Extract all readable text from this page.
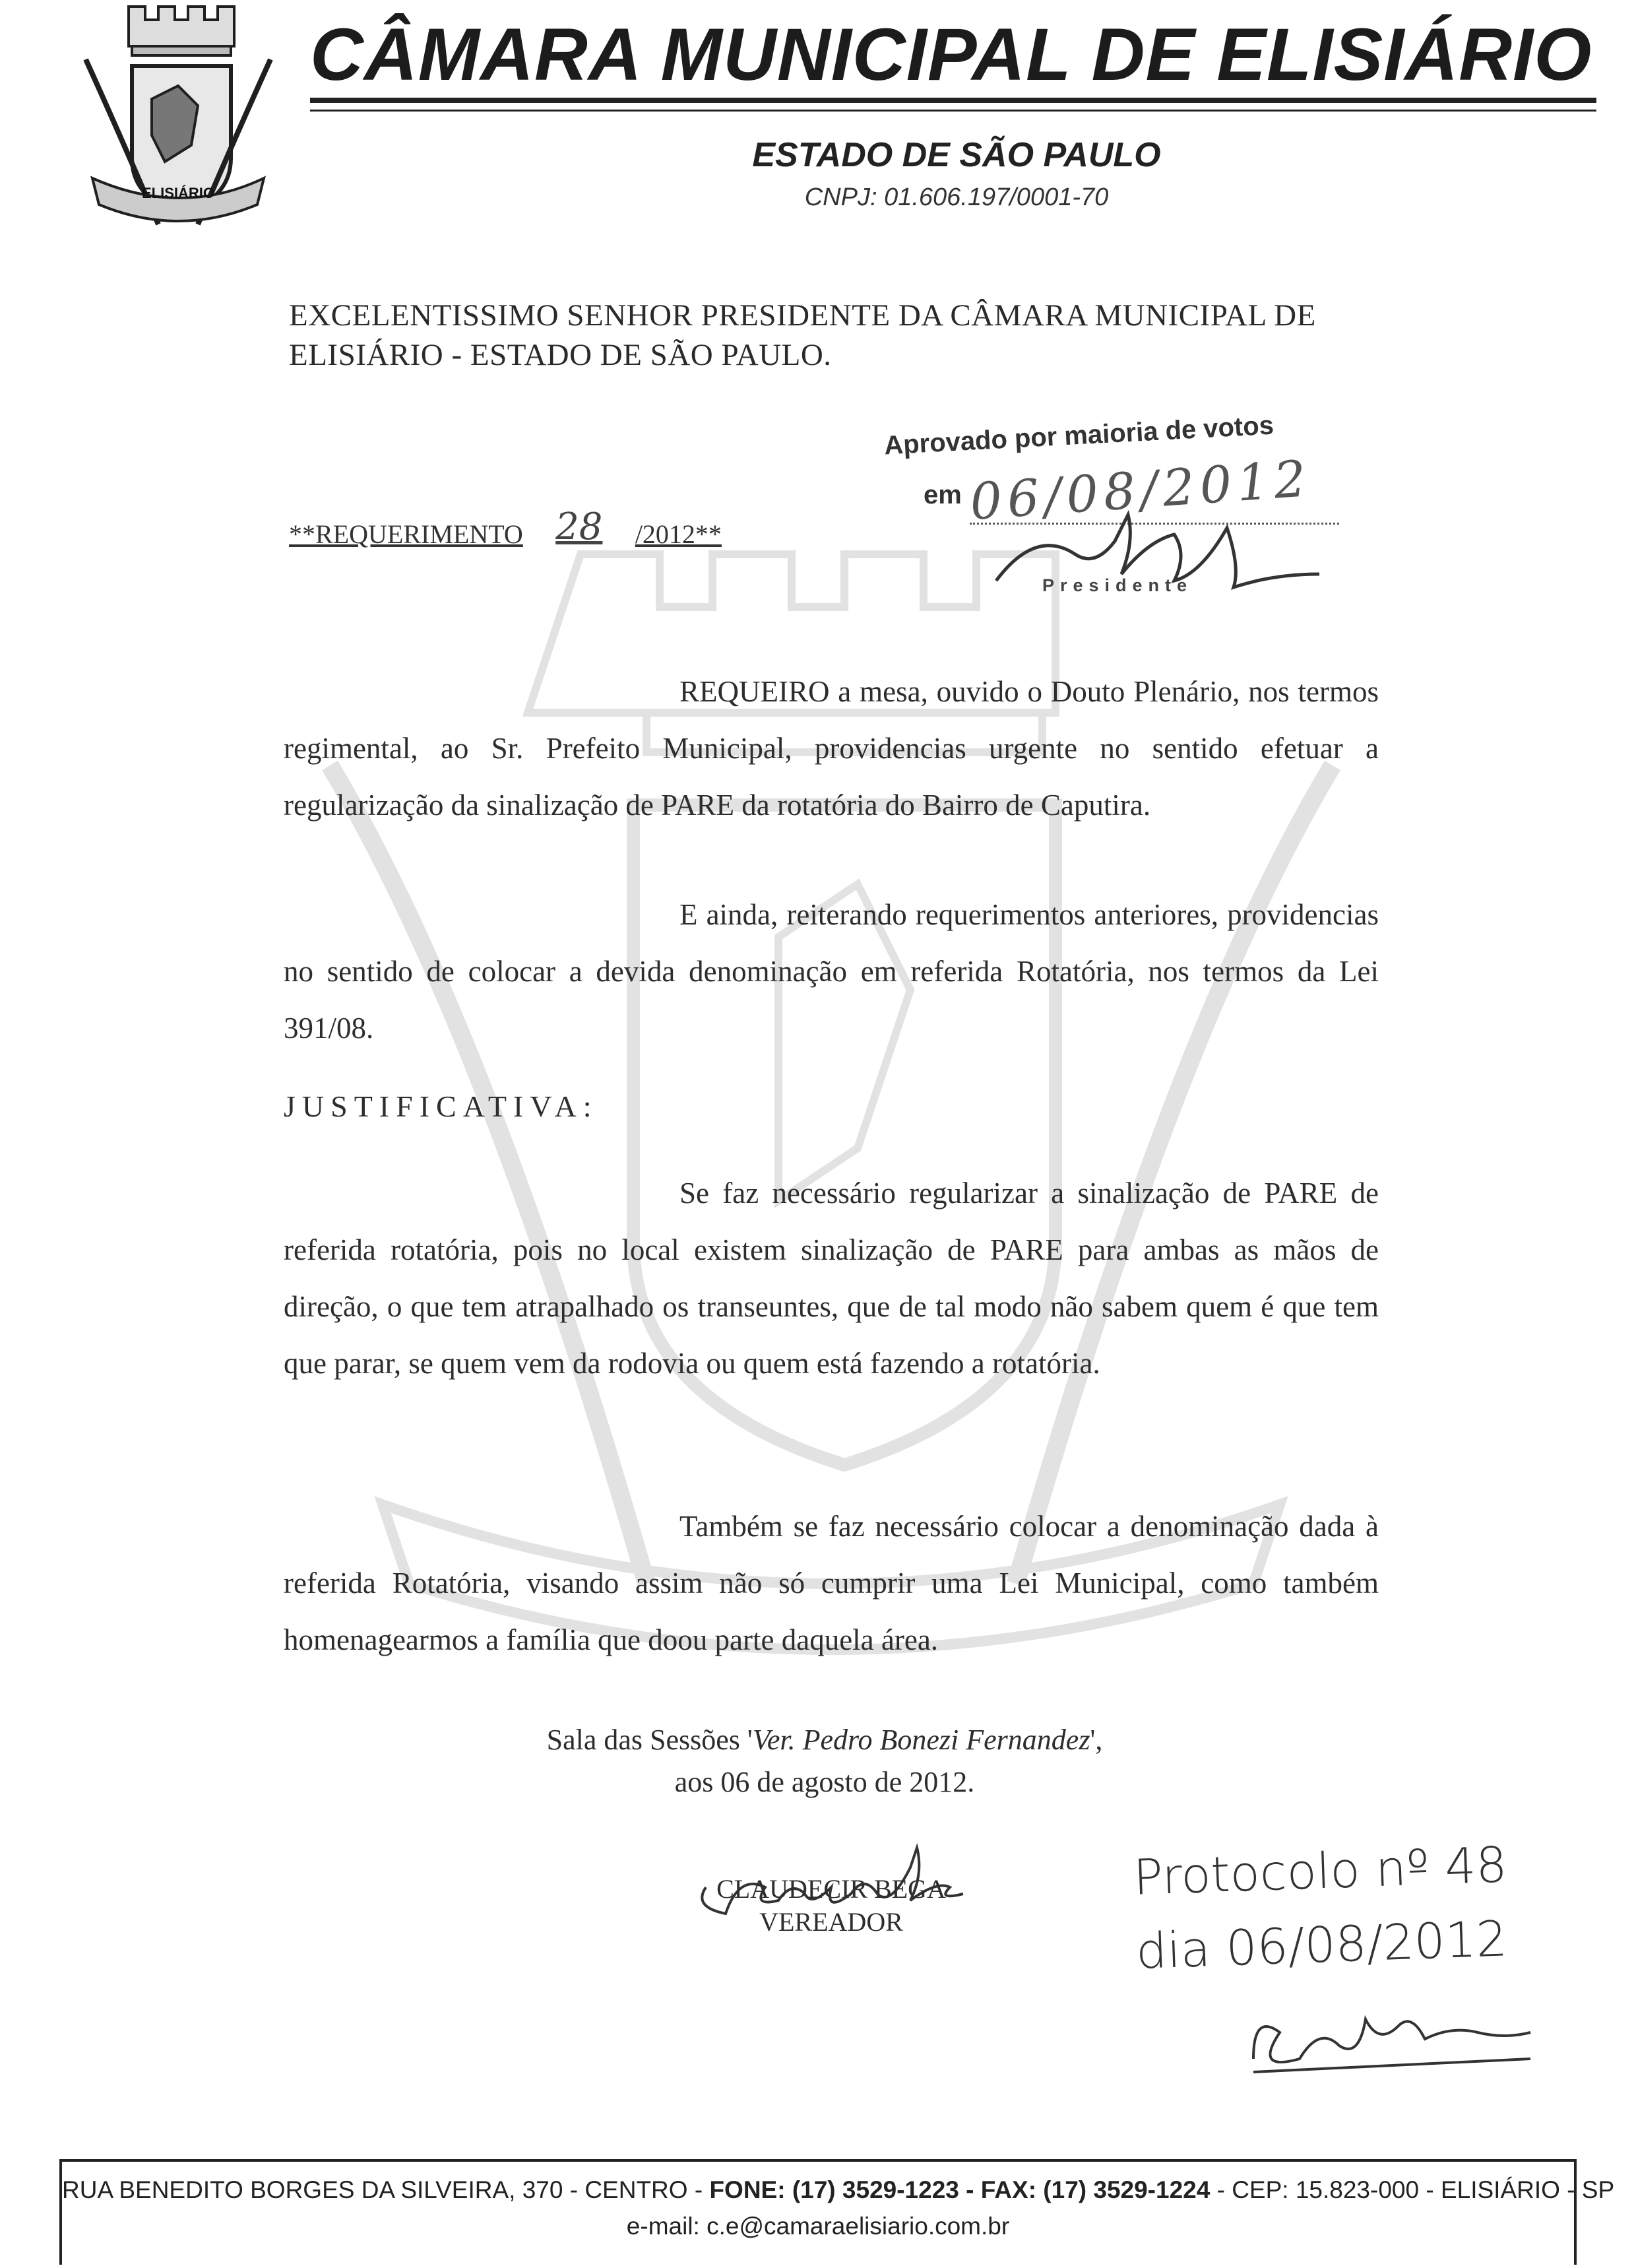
ELISIÁRIO
CÂMARA MUNICIPAL DE ELISIÁRIO
ESTADO DE SÃO PAULO
CNPJ: 01.606.197/0001-70
EXCELENTISSIMO SENHOR PRESIDENTE DA CÂMARA MUNICIPAL DE
ELISIÁRIO - ESTADO DE SÃO PAULO.
**REQUERIMENTO 28 /2012**
Aprovado por maioria de votos
em 06/08/2012
Presidente
REQUEIRO a mesa, ouvido o Douto Plenário, nos termos regimental, ao Sr. Prefeito Municipal, providencias urgente no sentido efetuar a regularização da sinalização de PARE da rotatória do Bairro de Caputira.
E ainda, reiterando requerimentos anteriores, providencias no sentido de colocar a devida denominação em referida Rotatória, nos termos da Lei 391/08.
JUSTIFICATIVA:
Se faz necessário regularizar a sinalização de PARE de referida rotatória, pois no local existem sinalização de PARE para ambas as mãos de direção, o que tem atrapalhado os transeuntes, que de tal modo não sabem quem é que tem que parar, se quem vem da rodovia ou quem está fazendo a rotatória.
Também se faz necessário colocar a denominação dada à referida Rotatória, visando assim não só cumprir uma Lei Municipal, como também homenagearmos a família que doou parte daquela área.
Sala das Sessões 'Ver. Pedro Bonezi Fernandez',
aos 06 de agosto de 2012.
CLAUDECIR BEGA
VEREADOR
Protocolo nº 48
dia 06/08/2012
RUA BENEDITO BORGES DA SILVEIRA, 370 - CENTRO - FONE: (17) 3529-1223 - FAX: (17) 3529-1224 - CEP: 15.823-000 - ELISIÁRIO - SP
e-mail: c.e@camaraelisiario.com.br
